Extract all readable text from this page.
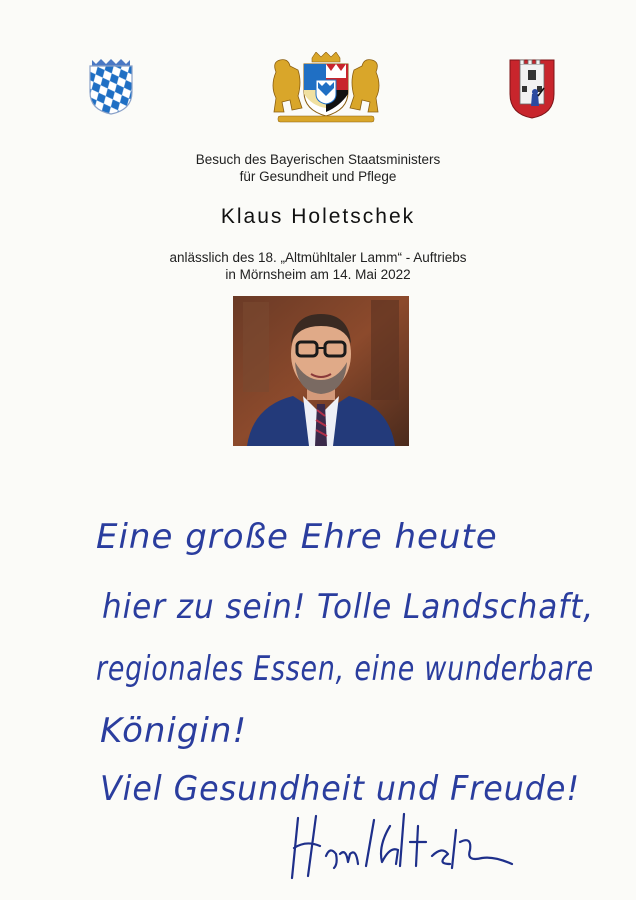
Besuch des Bayerischen Staatsministers
für Gesundheit und Pflege
Klaus Holetschek
anlässlich des 18. „Altmühltaler Lamm“ - Auftriebs
in Mörnsheim am 14. Mai 2022
Eine große Ehre heute
hier zu sein! Tolle Landschaft,
regionales Essen, eine wunderbare
Königin!
Viel Gesundheit und Freude!
